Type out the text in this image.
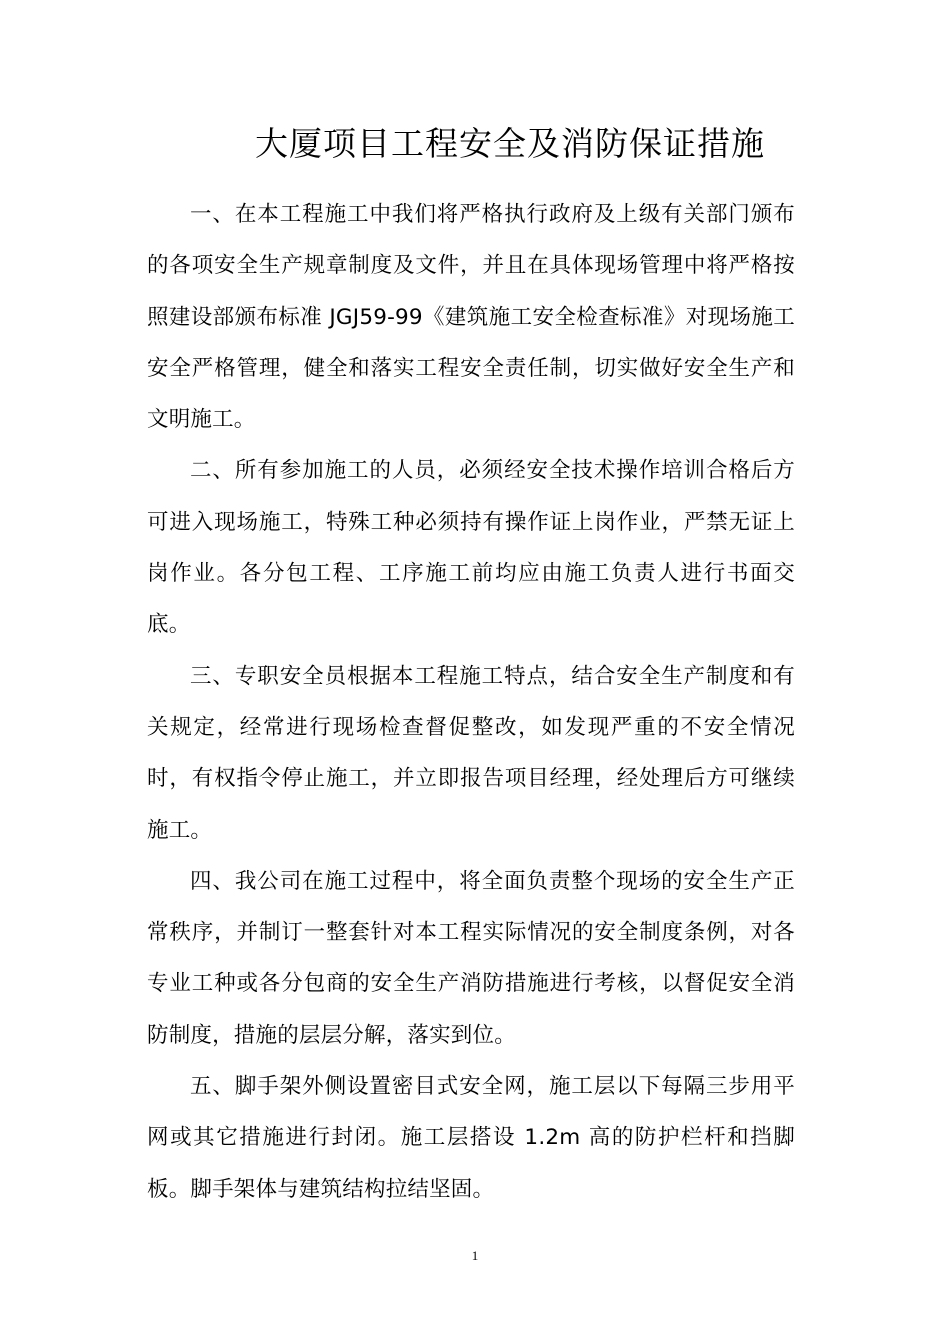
大厦项目工程安全及消防保证措施

一、在本工程施工中我们将严格执行政府及上级有关部门颁布的各项安全生产规章制度及文件，并且在具体现场管理中将严格按照建设部颁布标准 JGJ59-99《建筑施工安全检查标准》对现场施工安全严格管理，健全和落实工程安全责任制，切实做好安全生产和文明施工。

二、所有参加施工的人员，必须经安全技术操作培训合格后方可进入现场施工，特殊工种必须持有操作证上岗作业，严禁无证上岗作业。各分包工程、工序施工前均应由施工负责人进行书面交底。

三、专职安全员根据本工程施工特点，结合安全生产制度和有关规定，经常进行现场检查督促整改，如发现严重的不安全情况时，有权指令停止施工，并立即报告项目经理，经处理后方可继续施工。

四、我公司在施工过程中，将全面负责整个现场的安全生产正常秩序，并制订一整套针对本工程实际情况的安全制度条例，对各专业工种或各分包商的安全生产消防措施进行考核，以督促安全消防制度，措施的层层分解，落实到位。

五、脚手架外侧设置密目式安全网，施工层以下每隔三步用平网或其它措施进行封闭。施工层搭设 1.2m 高的防护栏杆和挡脚板。脚手架体与建筑结构拉结坚固。

1
